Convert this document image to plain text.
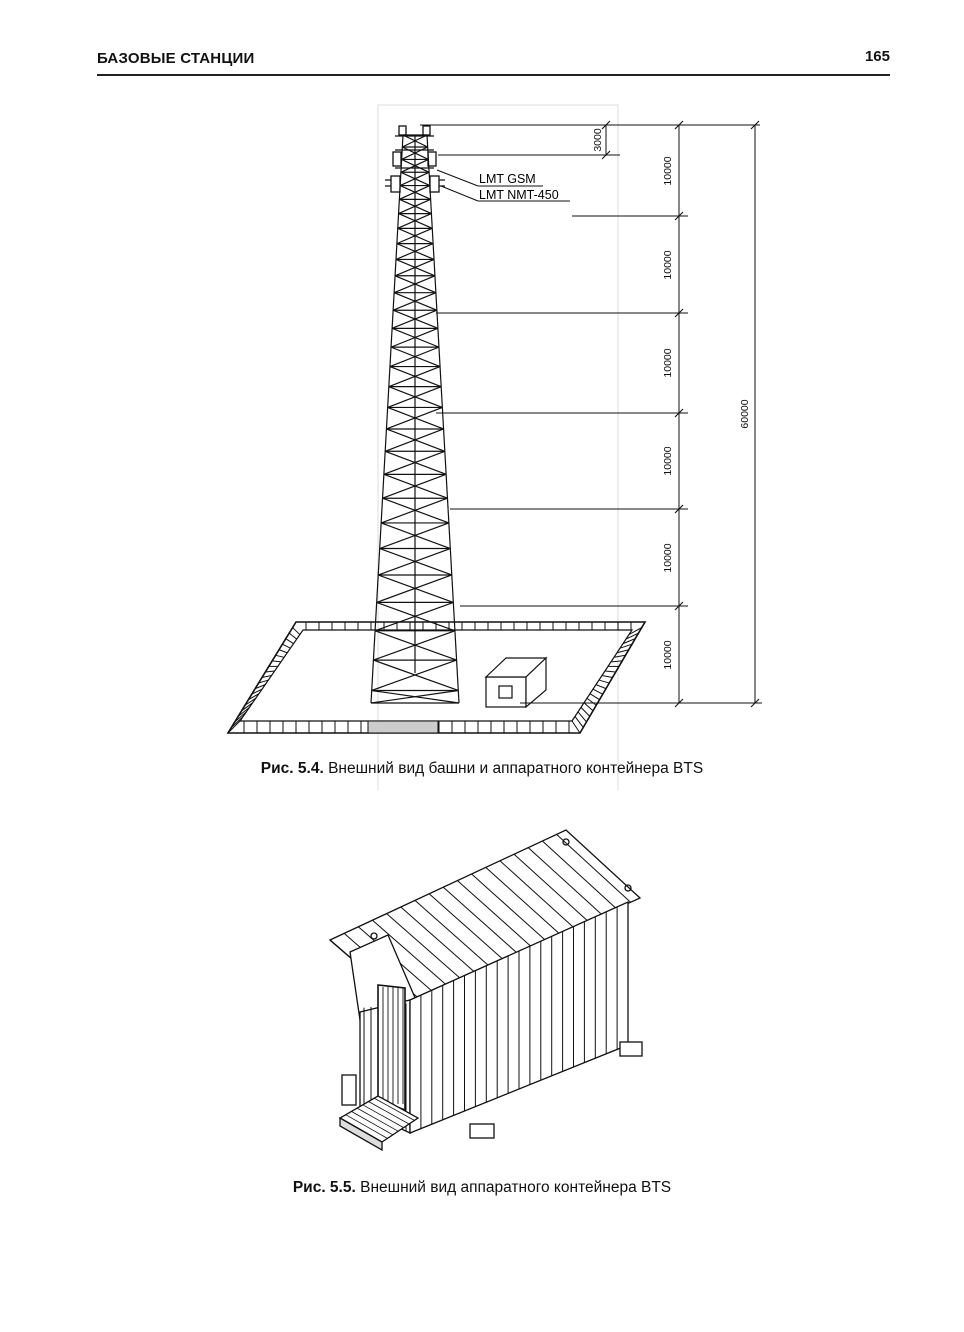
БАЗОВЫЕ СТАНЦИИ	165
LMT GSM
LMT NMT-450
3000
10000
10000
10000
10000
10000
10000
60000
Рис. 5.4. Внешний вид башни и аппаратного контейнера BTS
Рис. 5.5. Внешний вид аппаратного контейнера BTS
